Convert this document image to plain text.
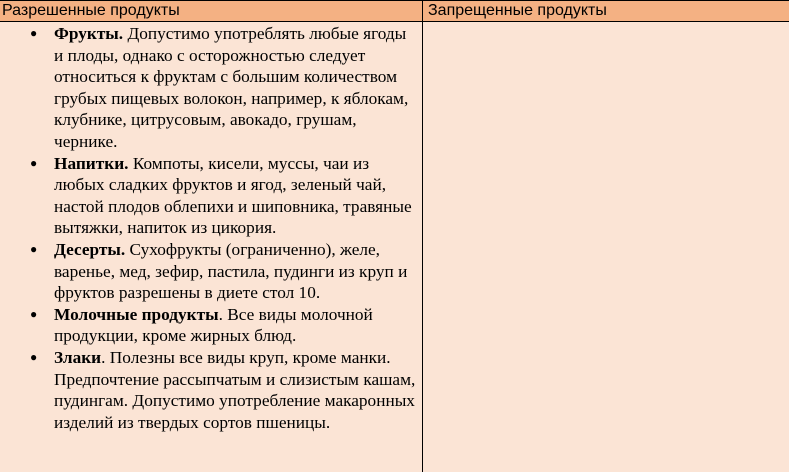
Разрешенные продукты	Запрещенные продукты
● Фрукты. Допустимо употреблять любые ягоды и плоды, однако с осторожностью следует относиться к фруктам с большим количеством грубых пищевых волокон, например, к яблокам, клубнике, цитрусовым, авокадо, грушам, чернике.
● Напитки. Компоты, кисели, муссы, чаи из любых сладких фруктов и ягод, зеленый чай, настой плодов облепихи и шиповника, травяные вытяжки, напиток из цикория.
● Десерты. Сухофрукты (ограниченно), желе, варенье, мед, зефир, пастила, пудинги из круп и фруктов разрешены в диете стол 10.
● Молочные продукты. Все виды молочной продукции, кроме жирных блюд.
● Злаки. Полезны все виды круп, кроме манки. Предпочтение рассыпчатым и слизистым кашам, пудингам. Допустимо употребление макаронных изделий из твердых сортов пшеницы.
